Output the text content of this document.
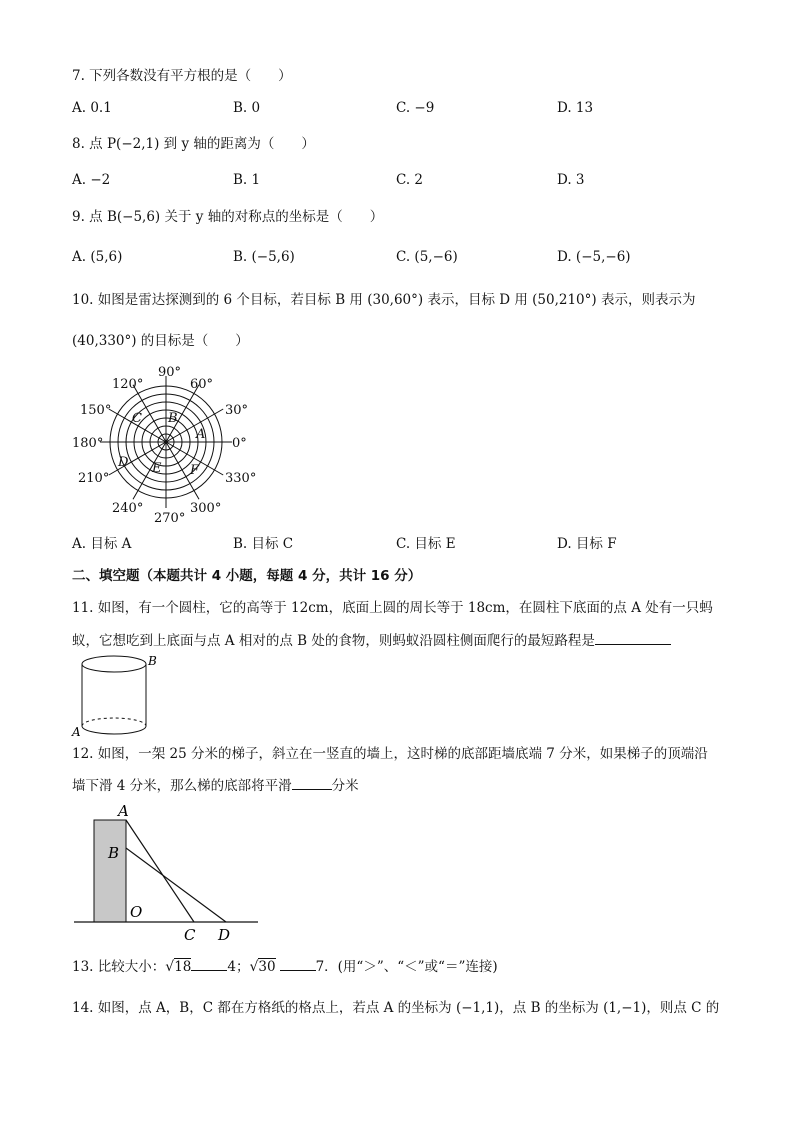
7. 下列各数没有平方根的是（　　）
A. 0.1	B. 0	C. −9	D. 13
8. 点 P(−2,1) 到 y 轴的距离为（　　）
A. −2	B. 1	C. 2	D. 3
9. 点 B(−5,6) 关于 y 轴的对称点的坐标是（　　）
A. (5,6)	B. (−5,6)	C. (5,−6)	D. (−5,−6)
10. 如图是雷达探测到的 6 个目标，若目标 B 用 (30,60°) 表示，目标 D 用 (50,210°) 表示，则表示为
(40,330°) 的目标是（　　）
90°
60°
120°
30°
150°
0°
180°
210°	330°
240°	300°
270°
A
B
C
D E F
A. 目标 A	B. 目标 C	C. 目标 E	D. 目标 F
二、填空题（本题共计 4 小题，每题 4 分，共计 16 分）
11. 如图，有一个圆柱，它的高等于 12cm，底面上圆的周长等于 18cm，在圆柱下底面的点 A 处有一只蚂
蚁，它想吃到上底面与点 A 相对的点 B 处的食物，则蚂蚁沿圆柱侧面爬行的最短路程是
B
A
12. 如图，一架 25 分米的梯子，斜立在一竖直的墙上，这时梯的底部距墙底端 7 分米，如果梯子的顶端沿
墙下滑 4 分米，那么梯的底部将平滑	分米
A
B
O
C D
13. 比较大小：√18	4；√30	7．(用“＞”、“＜”或“＝”连接)
14. 如图，点 A，B，C 都在方格纸的格点上，若点 A 的坐标为 (−1,1)，点 B 的坐标为 (1,−1)，则点 C 的
